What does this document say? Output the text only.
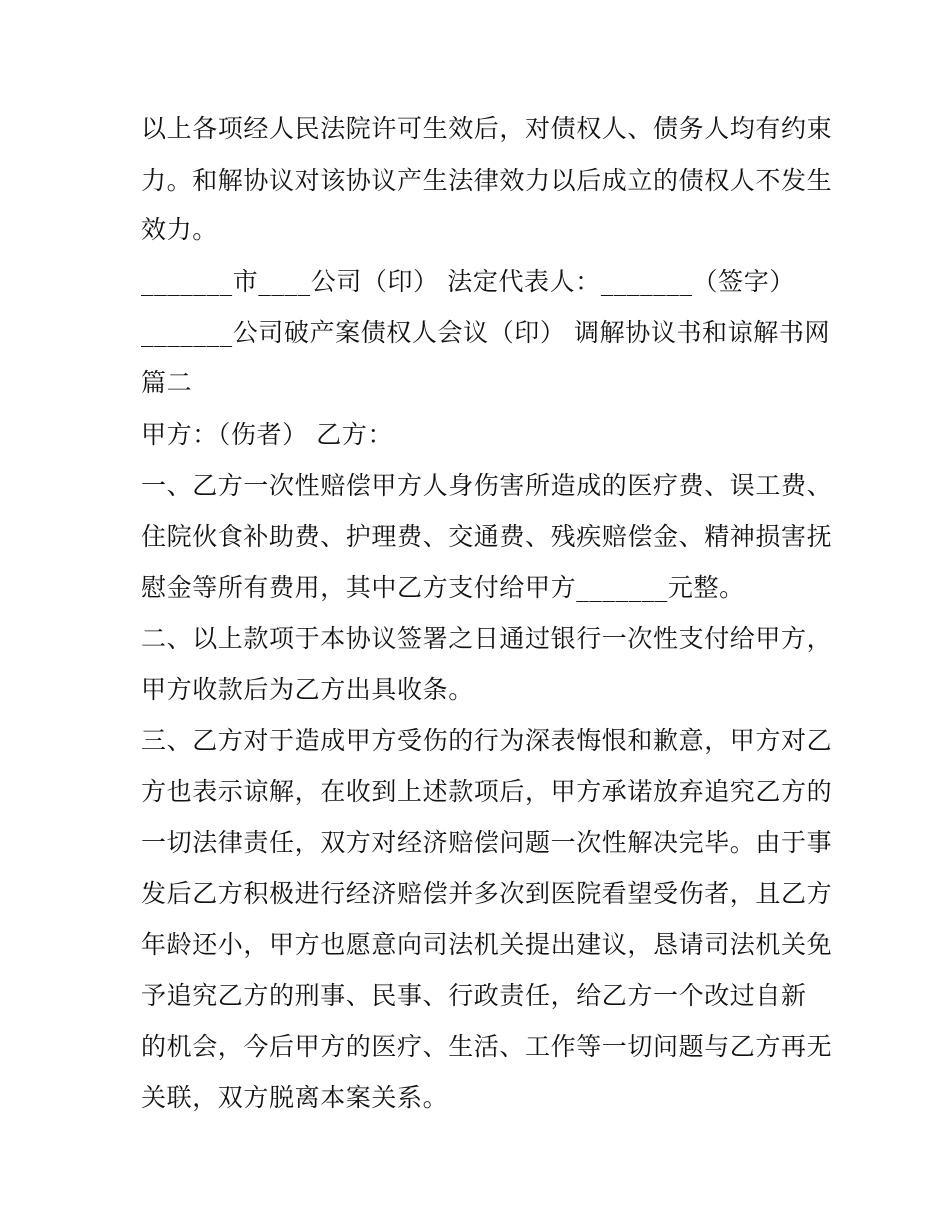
以上各项经人民法院许可生效后，对债权人、债务人均有约束
力。和解协议对该协议产生法律效力以后成立的债权人不发生
效力。
_______市____公司（印） 法定代表人：_______（签字）
_______公司破产案债权人会议（印） 调解协议书和谅解书网
篇二
甲方：（伤者） 乙方：
一、乙方一次性赔偿甲方人身伤害所造成的医疗费、误工费、
住院伙食补助费、护理费、交通费、残疾赔偿金、精神损害抚
慰金等所有费用，其中乙方支付给甲方_______元整。
二、以上款项于本协议签署之日通过银行一次性支付给甲方，
甲方收款后为乙方出具收条。
三、乙方对于造成甲方受伤的行为深表悔恨和歉意，甲方对乙
方也表示谅解，在收到上述款项后，甲方承诺放弃追究乙方的
一切法律责任，双方对经济赔偿问题一次性解决完毕。由于事
发后乙方积极进行经济赔偿并多次到医院看望受伤者，且乙方
年龄还小，甲方也愿意向司法机关提出建议，恳请司法机关免
予追究乙方的刑事、民事、行政责任，给乙方一个改过自新
的机会，今后甲方的医疗、生活、工作等一切问题与乙方再无
关联，双方脱离本案关系。
